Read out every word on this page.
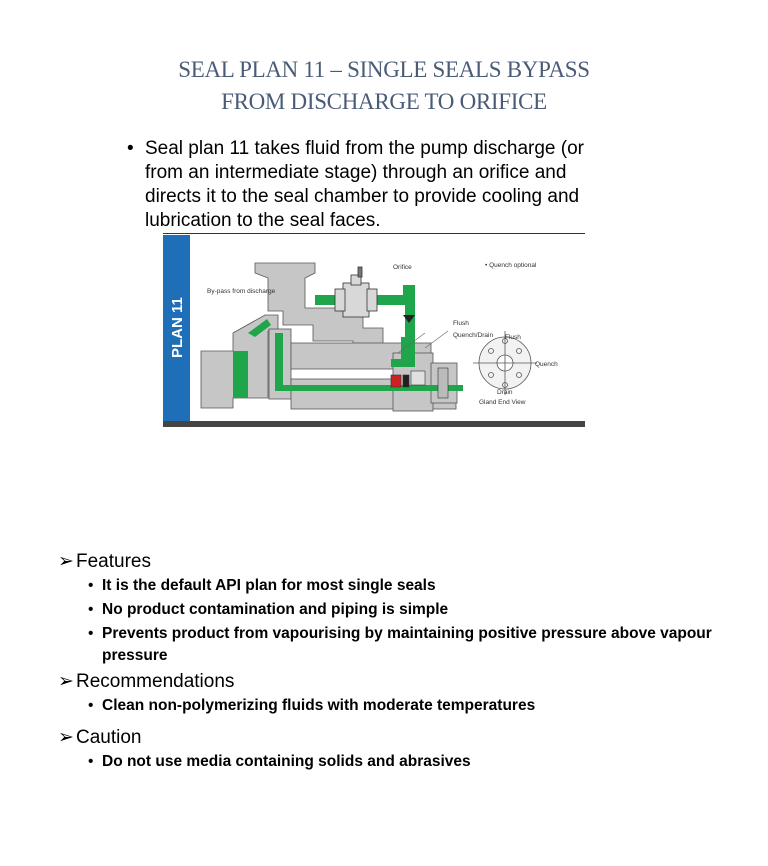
SEAL PLAN 11 – SINGLE SEALS BYPASS
FROM DISCHARGE TO ORIFICE
• Seal plan 11 takes fluid from the pump discharge (or from an intermediate stage) through an orifice and directs it to the seal chamber to provide cooling and lubrication to the seal faces.
PLAN 11
Orifice	• Quench optional
By-pass from discharge
Flush
Quench/Drain Flush
Quench
Drain
Gland End View
➢ Features
• It is the default API plan for most single seals
• No product contamination and piping is simple
• Prevents product from vapourising by maintaining positive pressure above vapour pressure
➢ Recommendations
• Clean non-polymerizing fluids with moderate temperatures
➢ Caution
• Do not use media containing solids and abrasives
